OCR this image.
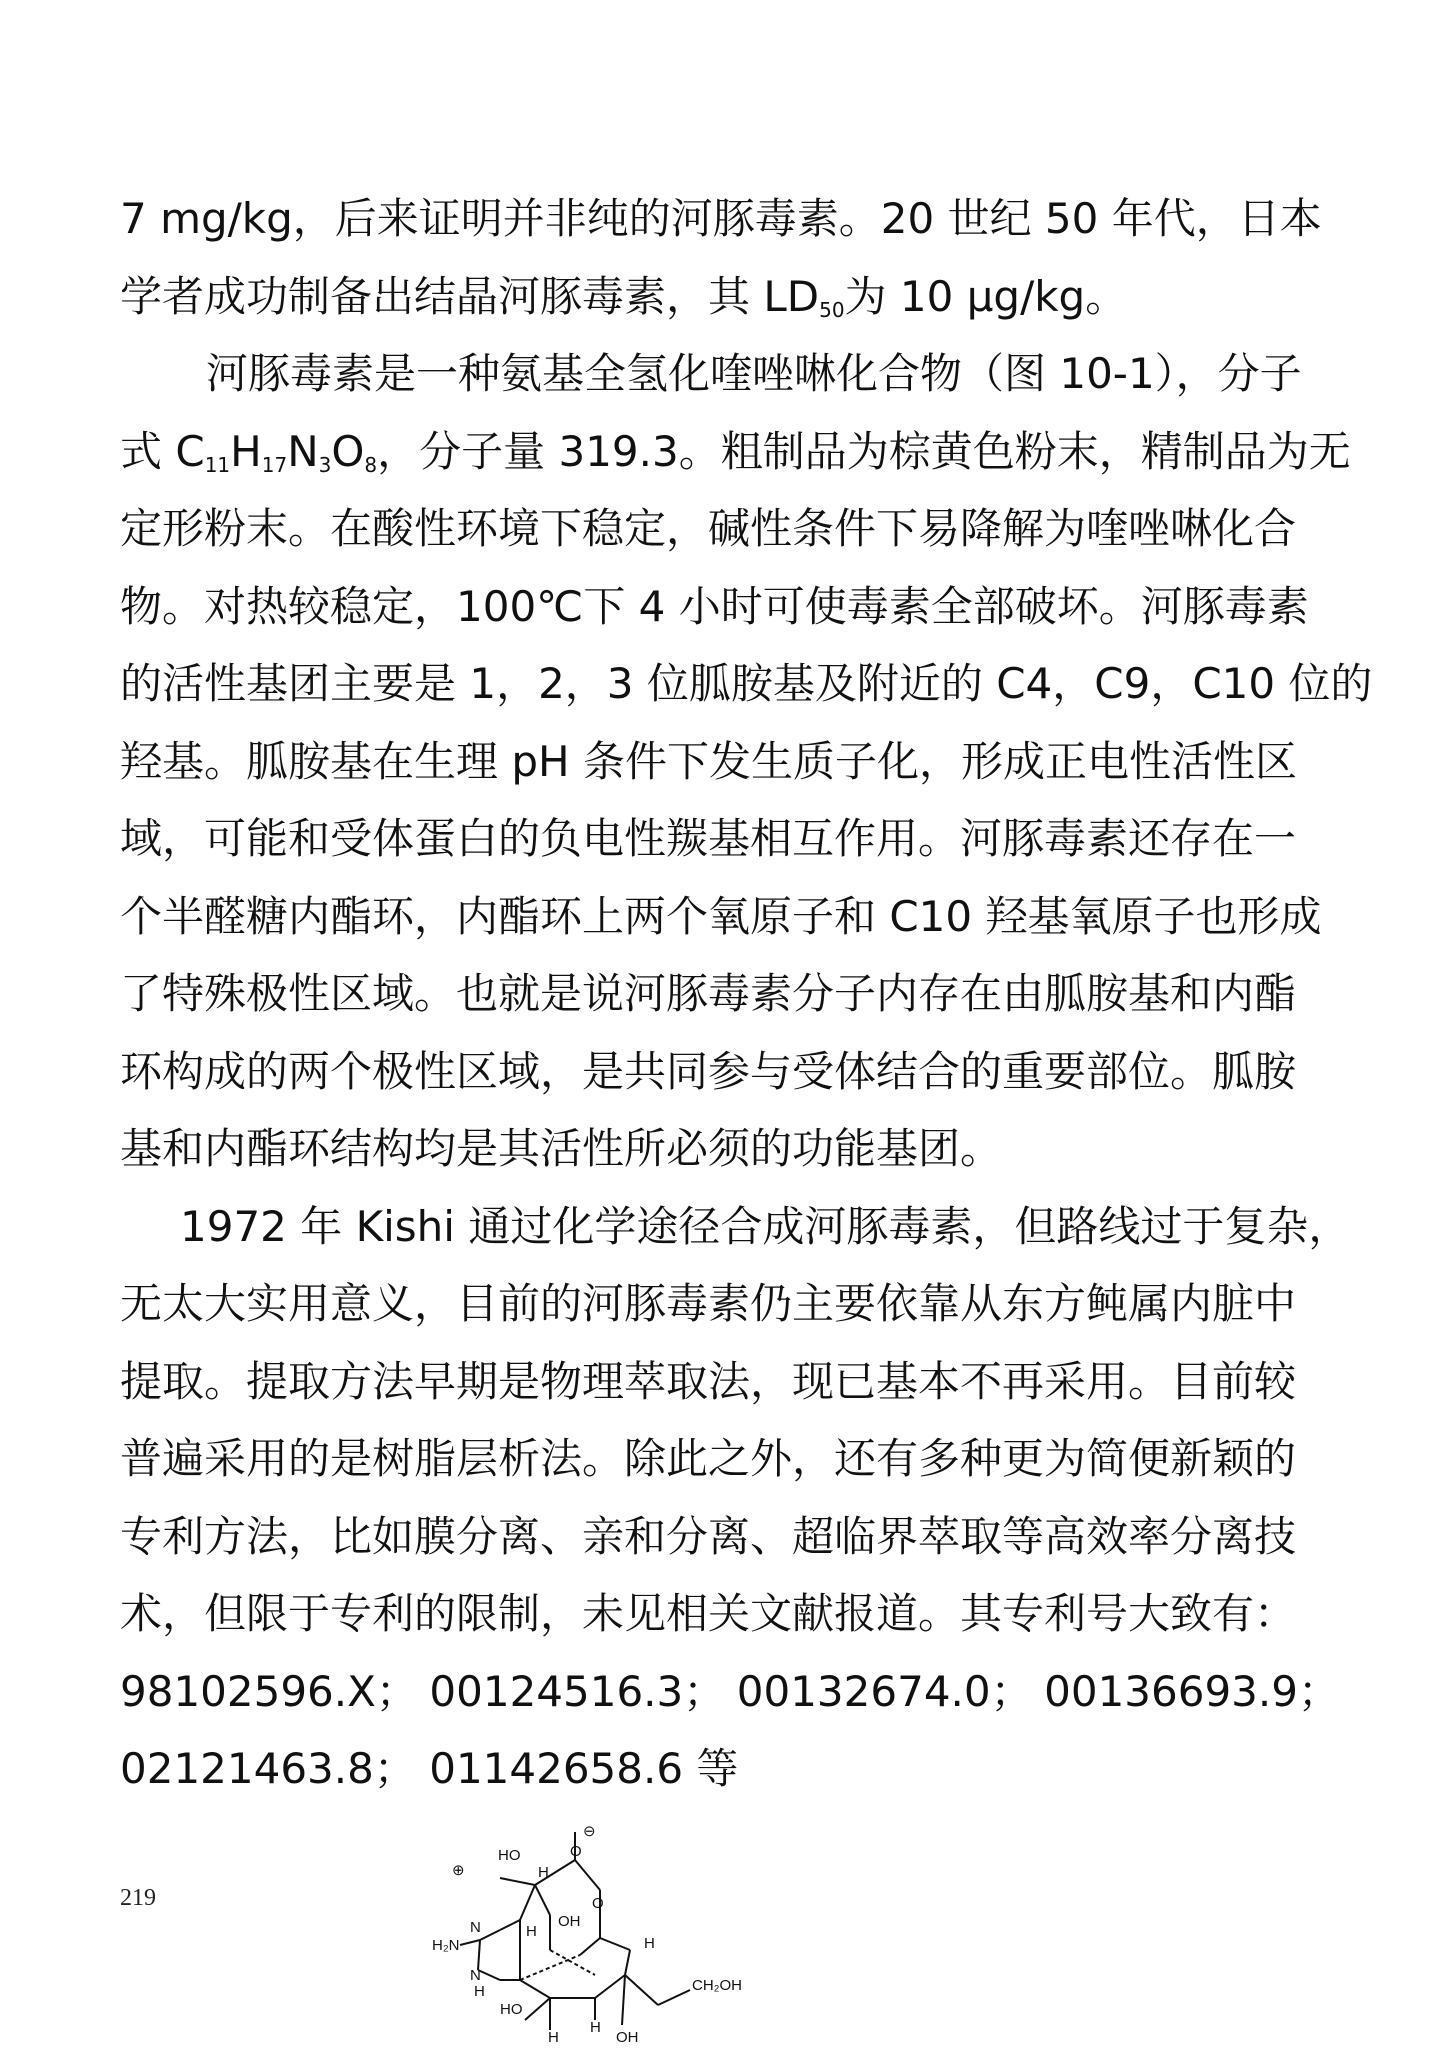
7 mg/kg，后来证明并非纯的河豚毒素。20 世纪 50 年代，日本
学者成功制备出结晶河豚毒素，其 $LD_{50}$为 10 μg/kg。
河豚毒素是一种氨基全氢化喹唑啉化合物（图 10-1），分子
式 $C_{11}H_{17}N_3O_8$，分子量 319.3。粗制品为棕黄色粉末，精制品为无
定形粉末。在酸性环境下稳定，碱性条件下易降解为喹唑啉化合
物。对热较稳定，100℃下 4 小时可使毒素全部破坏。河豚毒素
的活性基团主要是 1，2，3 位胍胺基及附近的 C4，C9，C10 位的
羟基。胍胺基在生理 pH 条件下发生质子化，形成正电性活性区
域，可能和受体蛋白的负电性羰基相互作用。河豚毒素还存在一
个半醛糖内酯环，内酯环上两个氧原子和 C10 羟基氧原子也形成
了特殊极性区域。也就是说河豚毒素分子内存在由胍胺基和内酯
环构成的两个极性区域，是共同参与受体结合的重要部位。胍胺
基和内酯环结构均是其活性所必须的功能基团。
1972 年 Kishi 通过化学途径合成河豚毒素，但路线过于复杂，
无太大实用意义，目前的河豚毒素仍主要依靠从东方鲀属内脏中
提取。提取方法早期是物理萃取法，现已基本不再采用。目前较
普遍采用的是树脂层析法。除此之外，还有多种更为简便新颖的
专利方法，比如膜分离、亲和分离、超临界萃取等高效率分离技
术，但限于专利的限制，未见相关文献报道。其专利号大致有：
98102596.X； 00124516.3； 00132674.0； 00136693.9；
02121463.8； 01142658.6 等
219
⊕
HO
H
O
⊖
H₂N
OH
H
O
H
N
N
H
HO
H
H
CH₂OH
OH
